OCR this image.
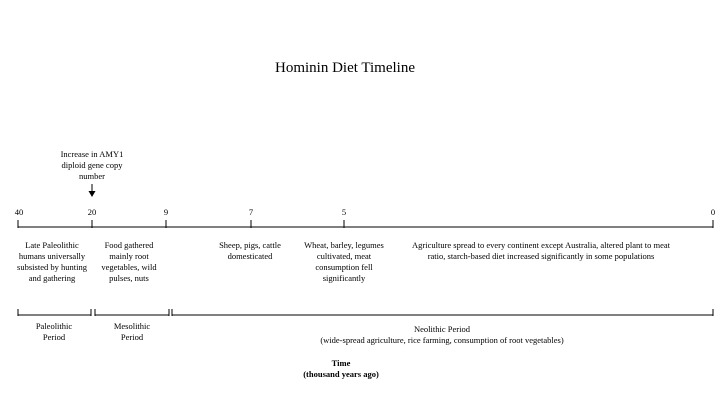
Hominin Diet Timeline
Increase in AMY1 diploid gene copy number
40	20	9	7	5	0
Late Paleolithic humans universally subsisted by hunting and gathering
Food gathered mainly root vegetables, wild pulses, nuts
Sheep, pigs, cattle domesticated
Wheat, barley, legumes cultivated, meat consumption fell significantly
Agriculture spread to every continent except Australia, altered plant to meat ratio, starch-based diet increased significantly in some populations
Paleolithic
Period
Mesolithic
Period
Neolithic Period
(wide-spread agriculture, rice farming, consumption of root vegetables)
Time
(thousand years ago)
